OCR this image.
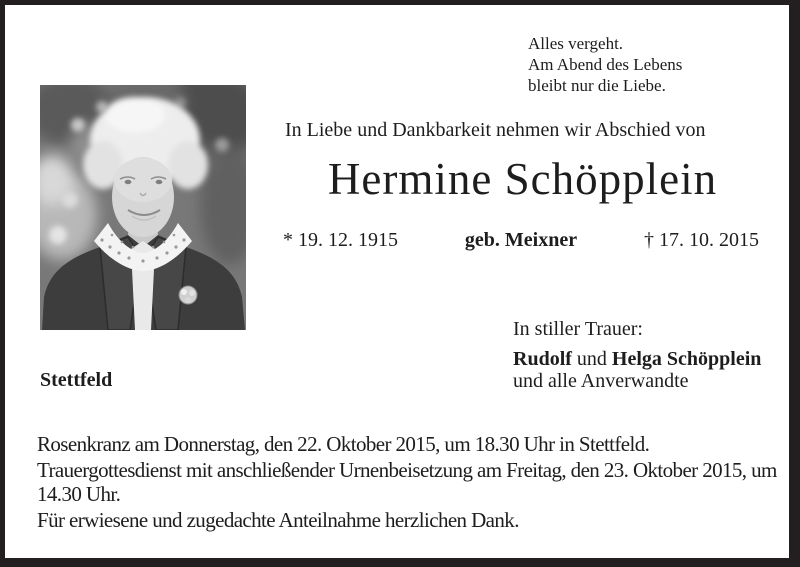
Alles vergeht.
Am Abend des Lebens
bleibt nur die Liebe.
In Liebe und Dankbarkeit nehmen wir Abschied von
Hermine Schöpplein
* 19. 12. 1915	geb. Meixner	† 17. 10. 2015
In stiller Trauer:
Rudolf und Helga Schöpplein
und alle Anverwandte
Stettfeld

Rosenkranz am Donnerstag, den 22. Oktober 2015, um 18.30 Uhr in Stettfeld.

Trauergottesdienst mit anschließender Urnenbeisetzung am Freitag, den 23. Oktober 2015, um 14.30 Uhr.

Für erwiesene und zugedachte Anteilnahme herzlichen Dank.
